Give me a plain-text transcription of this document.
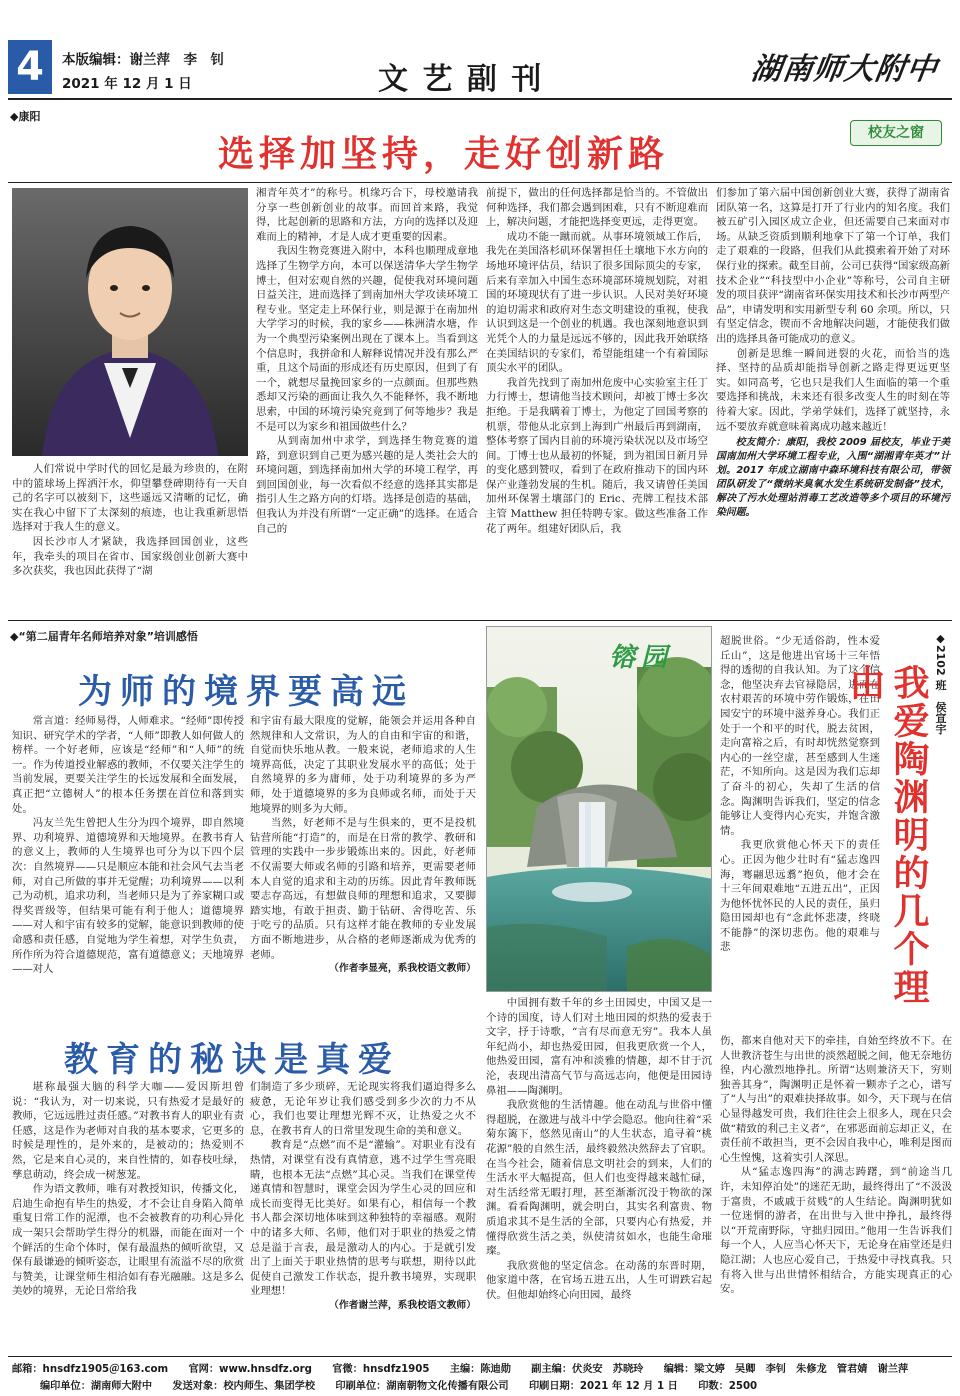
4	本版编辑：谢兰萍　李　钊
2021 年 12 月 1 日	文 艺 副 刊	湖南师大附中
◆康阳
选择加坚持，走好创新路
校友之窗

人们常说中学时代的回忆是最为珍贵的，在附中的篮球场上挥洒汗水，仰望攀登碑期待有一天自己的名字可以被刻下，这些遥远又清晰的记忆，确实在我心中留下了太深刻的痕迹，也让我重新思悟选择对于我人生的意义。

因长沙市人才紧缺，我选择回国创业，这些年，我牵头的项目在省市、国家级创业创新大赛中多次获奖，我也因此获得了“湖

湘青年英才”的称号。机缘巧合下，母校邀请我分享一些创新创业的故事。而回首来路，我觉得，比起创新的思路和方法，方向的选择以及迎难而上的精神，才是人成才更重要的因素。

我因生物竞赛进入附中，本科也顺理成章地选择了生物学方向，本可以保送清华大学生物学博士，但对宏观自然的兴趣，促使我对环境问题日益关注，进而选择了到南加州大学攻读环境工程专业。坚定走上环保行业，则是源于在南加州大学学习的时候，我的家乡——株洲清水塘，作为一个典型污染案例出现在了课本上。当看到这个信息时，我拼命和人解释说情况并没有那么严重，且这个局面的形成还有历史原因，但到了有一个，就想尽量挽回家乡的一点颜面。但那些熟悉却又污染的画面让我久久不能释怀，我不断地思索，中国的环境污染究竟到了何等地步？我是不是可以为家乡和祖国做些什么？

从到南加州中求学，到选择生物竞赛的道路，到意识到自己更为感兴趣的是人类社会大的环境问题，到选择南加州大学的环境工程学，再到回国创业，每一次看似不经意的选择其实都是指引人生之路方向的灯塔。选择是创造的基础，但我认为并没有所谓“一定正确”的选择。在适合自己的

前提下，做出的任何选择都是恰当的。不管做出何种选择，我们都会遇到困难，只有不断迎难而上，解决问题，才能把选择变更远，走得更宽。

成功不能一蹴而就。从事环境领域工作后，我先在美国洛杉矶环保署担任土壤地下水方向的场地环境评估员，结识了很多国际顶尖的专家，后来有幸加入中国生态环境部环境规划院，对祖国的环境现状有了进一步认识。人民对美好环境的迫切需求和政府对生态文明建设的重视，使我认识到这是一个创业的机遇。我也深刻地意识到光凭个人的力量是远远不够的，因此我开始联络在美国结识的专家们，希望能组建一个有着国际顶尖水平的团队。

我首先找到了南加州危废中心实验室主任丁力行博士，想请他当技术顾问，却被丁博士多次拒绝。于是我瞒着丁博士，为他定了回国考察的机票，带他从北京到上海到广州最后再到湖南，整体考察了国内目前的环境污染状况以及市场空间。丁博士也从最初的怀疑，到为祖国日新月异的变化感到赞叹，看到了在政府推动下的国内环保产业蓬勃发展的生机。随后，我又请曾任美国加州环保署土壤部门的 Eric、壳牌工程技术部主管 Matthew 担任特聘专家。做这些准备工作花了两年。组建好团队后，我

们参加了第六届中国创新创业大赛，获得了湖南省团队第一名，这算是打开了行业内的知名度。我们被五矿引入园区成立企业，但还需要自己来面对市场。从缺乏资质到顺利地拿下了第一个订单，我们走了艰难的一段路，但我们从此摸索着开始了对环保行业的探索。截至目前，公司已获得“国家级高新技术企业”“科技型中小企业”等称号，公司自主研发的项目获评“湖南省环保实用技术和长沙市两型产品”，申请发明和实用新型专利 60 余项。所以，只有坚定信念，锲而不舍地解决问题，才能使我们做出的选择具备可能成功的意义。

创新是思维一瞬间迸裂的火花，而恰当的选择、坚持的品质却能指导创新之路走得更远更坚实。如同高考，它也只是我们人生面临的第一个重要选择和挑战，未来还有很多改变人生的时刻在等待着大家。因此，学弟学妹们，选择了就坚持，永远不要放弃就意味着离成功越来越近！

校友简介：康阳，我校 2009 届校友，毕业于美国南加州大学环境工程专业，入围“湖湘青年英才”计划。2017 年成立湖南中森环境科技有限公司，带领团队研发了“微纳米臭氧水发生系统研发制备”技术，解决了污水处理站消毒工艺改造等多个项目的环境污染问题。

◆“第二届青年名师培养对象”培训感悟
为师的境界要高远

常言道：经师易得，人师难求。“经师”即传授知识、研究学术的学者，“人师”即教人如何做人的榜样。一个好老师，应该是“经师”和“人师”的统一。作为传道授业解惑的教师，不仅要关注学生的当前发展，更要关注学生的长远发展和全面发展，真正把“立德树人”的根本任务摆在首位和落到实处。

冯友兰先生曾把人生分为四个境界，即自然境界、功利境界、道德境界和天地境界。在教书育人的意义上，教师的人生境界也可分为以下四个层次：自然境界——只是顺应本能和社会风气去当老师，对自己所做的事并无觉醒；功利境界——以利己为动机，追求功利，当老师只是为了养家糊口或得奖晋级等，但结果可能有利于他人；道德境界——对人和宇宙有较多的觉解，能意识到教师的使命感和责任感，自觉地为学生着想，对学生负责，所作所为符合道德规范，富有道德意义；天地境界——对人

和宇宙有最大限度的觉解，能领会并运用各种自然规律和人文常识，为人的自由和宇宙的和谐，自觉而快乐地从教。一般来说，老师追求的人生境界高低，决定了其职业发展水平的高低；处于自然境界的多为庸师，处于功利境界的多为严师，处于道德境界的多为良师或名师，而处于天地境界的则多为大师。

当然，好老师不是与生俱来的，更不是投机钻营所能“打造”的，而是在日常的教学、教研和管理的实践中一步步锻炼出来的。因此，好老师不仅需要大师或名师的引路和培养，更需要老师本人自觉的追求和主动的历练。因此青年教师既要志存高远，有想做良师的理想和追求，又要脚踏实地，有敢于担责、勤于钻研、舍得吃苦、乐于吃亏的品质。只有这样才能在教师的专业发展方面不断地进步，从合格的老师逐渐成为优秀的老师。

（作者李显亮，系我校语文教师）

教育的秘诀是真爱

堪称最强大脑的科学大咖——爱因斯坦曾说：“我认为，对一切来说，只有热爱才是最好的教师，它远远胜过责任感。”对教书育人的职业有责任感，这是作为老师对自我的基本要求，它更多的时候是理性的，是外来的，是被动的；热爱则不然，它是来自心灵的，来自性情的，如春枝吐绿，孳息萌动，终会成一树葱茏。

作为语文教师，唯有对教授知识，传播文化，启迪生命抱有毕生的热爱，才不会让自身陷入简单重复日常工作的泥潭，也不会被教育的功利心异化成一架只会帮助学生得分的机器，而能在面对一个个鲜活的生命个体时，保有最温热的倾听欲望，又保有最谦逊的倾听姿态，让眼里有流溢不尽的欣赏与赞美，让课堂师生相洽如有春光融融。这是多么美妙的境界，无论日常给我

们制造了多少琐碎，无论现实将我们逼迫得多么疲惫，无论年岁让我们感受到多少次的力不从心，我们也要让理想光辉不灭，让热爱之火不息，在教书育人的日常里发现生命的美和意义。

教育是“点燃”而不是“灌输”。对职业有没有热情，对课堂有没有真情意，逃不过学生雪亮眼睛，也根本无法“点燃”其心灵。当我们在课堂传递真情和智慧时，课堂会因为学生心灵的回应和成长而变得无比美好。如果有心，相信每一个教书人都会深切地体味到这种独特的幸福感。观附中的诸多大师、名师，他们对于职业的热爱之情总是溢于言表，最是激动人的内心。于是就引发出了上面关于职业热情的思考与联想，期待以此促使自己激发工作状态，提升教书境界，实现职业理想！

（作者谢兰萍，系我校语文教师）

镕园

中国拥有数千年的乡土田园史，中国又是一个诗的国度，诗人们对土地田园的炽热的爱表于文字，抒于诗歌，“言有尽而意无穷”。我本人虽年纪尚小，却也热爱田园，但我更欣赏一个人，他热爱田园，富有冲和淡雅的情趣，却不甘于沉沦，表现出清高气节与高远志向，他便是田园诗鼻祖——陶渊明。

我欣赏他的生活情趣。他在动乱与世俗中懂得超脱，在激进与战斗中学会隐忍。他向往着“采菊东篱下，悠然见南山”的人生状态，追寻着“桃花源”般的自然生活，最终毅然决然辞去了官职。在当今社会，随着信息文明社会的到来，人们的生活水平大幅提高，但人们也变得越来越忙碌，对生活经常无暇打理，甚至渐渐沉没于物欲的深渊。看看陶渊明，就会明白，其实名利富贵、物质追求其不是生活的全部，只要内心有热爱，并懂得欣赏生活之美，纵使清贫如水，也能生命璀璨。

我欣赏他的坚定信念。在动荡的东晋时期，他家道中落，在官场五进五出，人生可谓跌宕起伏。但他却始终心向田园，最终

超脱世俗。“少无适俗韵，性本爱丘山”，这是他进出官场十三年悟得的透彻的自我认知。为了这个信念，他坚决弃去官禄隐居，进而在农村艰苦的环境中劳作锻炼，在田园安宁的环境中滋养身心。我们正处于一个和平的时代，脱去贫困，走向富裕之后，有时却恍然觉察到内心的一丝空虚，甚至感到人生迷茫，不知所向。这是因为我们忘却了奋斗的初心，失却了生活的信念。陶渊明告诉我们，坚定的信念能够让人变得内心充实，并饱含激情。

我更欣赏他心怀天下的责任心。正因为他少壮时有“猛志逸四海，骞翮思远翥”抱负，他才会在十三年间艰难地“五进五出”，正因为他怀忧怀民的人民的责任，虽归隐田园却也有“念此怀悲凄，终晓不能静”的深切悲伤。他的艰难与悲

◆2102 班　侯宣宇
我爱陶渊明的几个理由

伤，都来自他对天下的牵挂，自始至终放不下。在人世教济苍生与出世的淡然超脱之间，他无奈地彷徨，内心激烈地挣扎。所谓“达则兼济天下，穷则独善其身”，陶渊明正是怀着一颗赤子之心，谱写了“人与出”的艰难抉择故事。如今，天下现与在信心显得越发可贵，我们往往会上很多人，现在只会做“精致的利己主义者”，在邪恶面前忘却正义，在责任前不敢担当，更不会因自我中心，唯利是图而心生惶愧，这着实引人深思。

从“猛志逸四海”的满志踌躇，到“前途当几许，未知停泊处”的迷茫无助，最终得出了“不汲汲于富贵，不戚戚于贫贱”的人生结论。陶渊明犹如一位迷惘的游者，在出世与入世中挣扎，最终得以“开荒南野际，守拙归园田。”他用一生告诉我们每一个人，人应当心怀天下，无论身在庙堂还是归隐江湖；人也应心爱自己，于热爱中寻找真我。只有将入世与出世情怀相结合，方能实现真正的心安。

邮箱：hnsdfz1905＠163.com　　官网：www.hnsdfz.org　　官微：hnsdfz1905　　主编：陈迪勋　　副主编：伏炎安　苏晓玲　　编辑：梁文婷　吴卿　李钊　朱修龙　管君婧　谢兰萍
编印单位：湖南师大附中　　发送对象：校内师生、集团学校　　印刷单位：湖南朝物文化传播有限公司　　印刷日期：2021 年 12 月 1 日　　印数：2500
